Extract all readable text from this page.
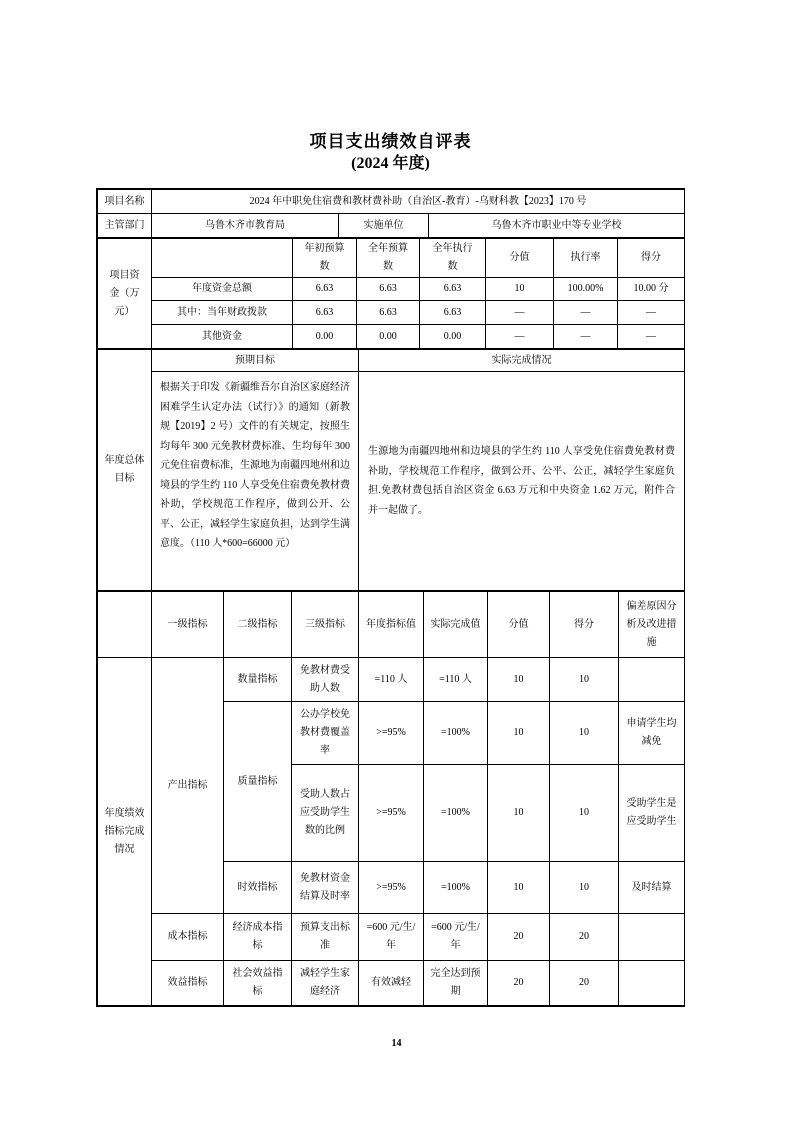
项目支出绩效自评表
(2024 年度)
项目名称	2024 年中职免住宿费和教材费补助（自治区-教育）-乌财科教【2023】170 号		
主管部门	乌鲁木齐市教育局	实施单位	乌鲁木齐市职业中等专业学校
项目资金（万元）		年初预算数	全年预算数	全年执行数	分值	执行率	得分
	年度资金总额	6.63	6.63	6.63	10	100.00%	10.00 分
	其中：当年财政拨款	6.63	6.63	6.63	—	—	—
	其他资金	0.00	0.00	0.00	—	—	—
年度总体目标	预期目标	实际完成情况
	根据关于印发《新疆维吾尔自治区家庭经济困难学生认定办法（试行）》的通知（新教规【2019】2 号）文件的有关规定，按照生均每年 300 元免教材费标准、生均每年 300 元免住宿费标准，生源地为南疆四地州和边境县的学生约 110 人享受免住宿费免教材费补助，学校规范工作程序，做到公开、公平、公正，减轻学生家庭负担，达到学生满意度。（110 人*600=66000 元）	生源地为南疆四地州和边境县的学生约 110 人享受免住宿费免教材费补助，学校规范工作程序，做到公开、公平、公正，减轻学生家庭负担.免教材费包括自治区资金 6.63 万元和中央资金 1.62 万元，附件合并一起做了。
	一级指标	二级指标	三级指标	年度指标值	实际完成值	分值	得分	偏差原因分析及改进措施
年度绩效指标完成情况	产出指标	数量指标	免教材费受助人数	=110 人	=110 人	10	10	
		质量指标	公办学校免教材费覆盖率	>=95%	=100%	10	10	申请学生均减免
			受助人数占应受助学生数的比例	>=95%	=100%	10	10	受助学生是应受助学生
		时效指标	免教材资金结算及时率	>=95%	=100%	10	10	及时结算
	成本指标	经济成本指标	预算支出标准	=600 元/生/年	=600 元/生/年	20	20	
	效益指标	社会效益指标	减轻学生家庭经济	有效减轻	完全达到预期	20	20	
14
